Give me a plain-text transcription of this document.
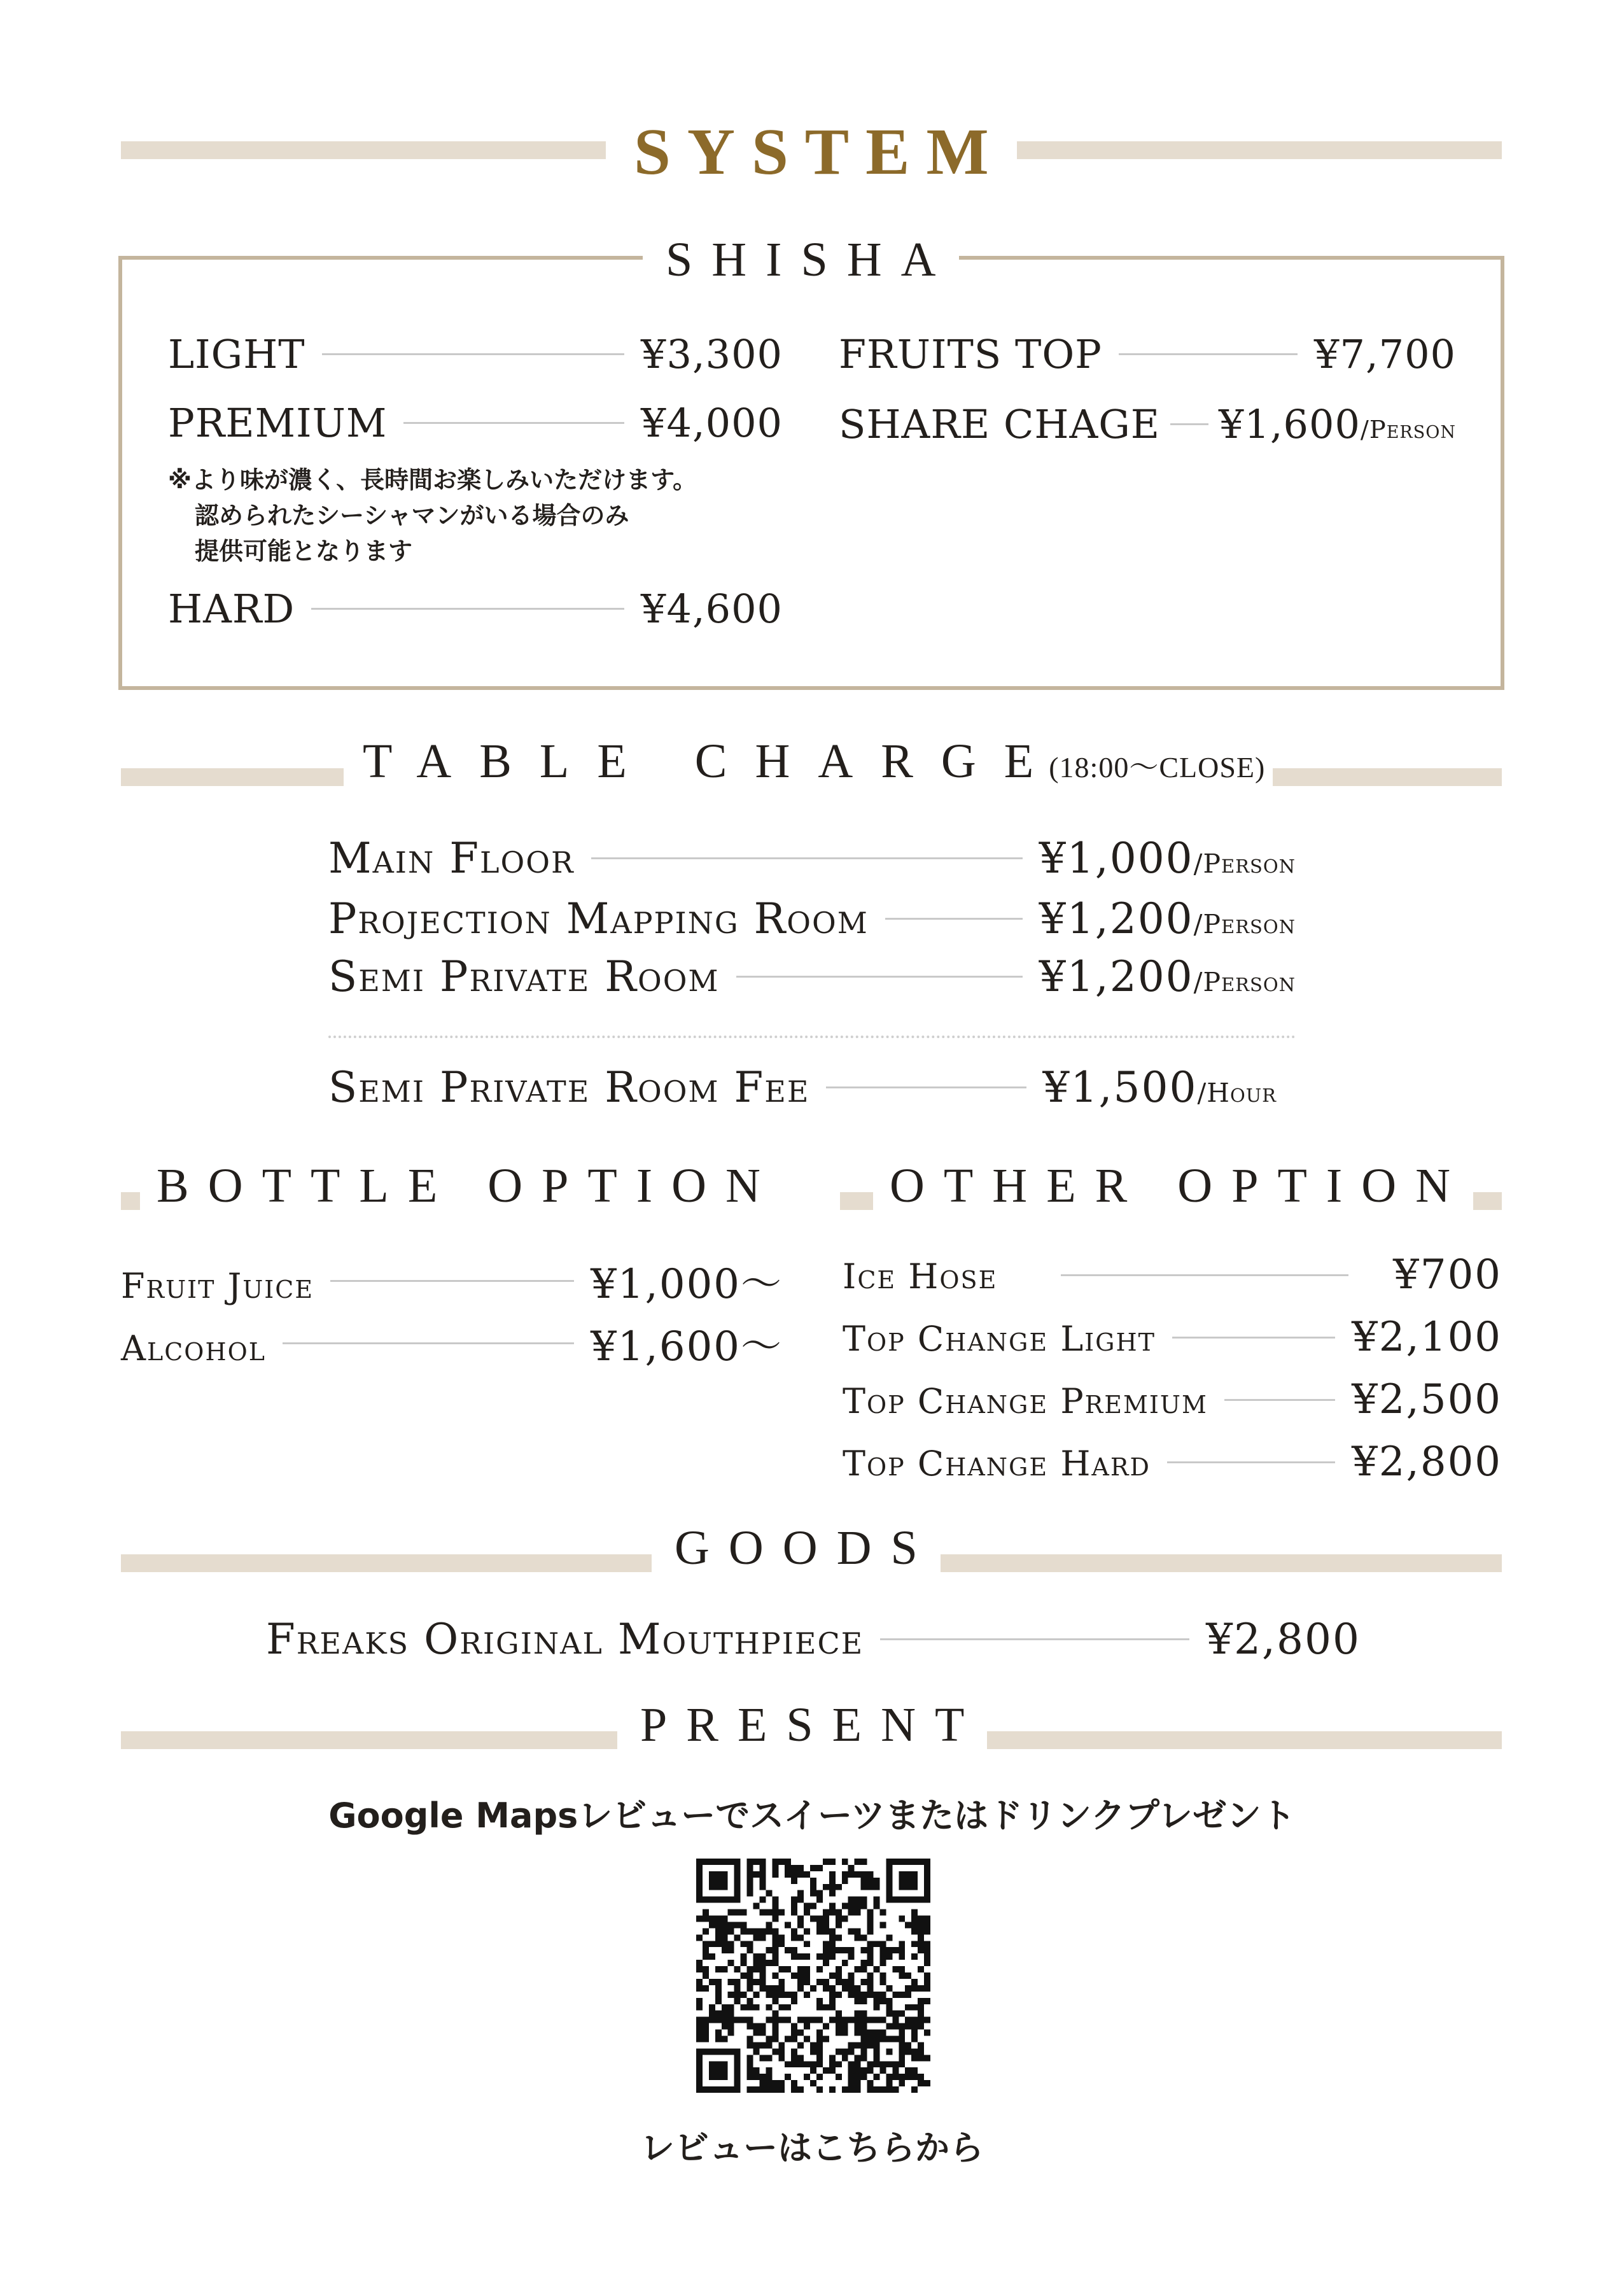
SYSTEM
SHISHA
LIGHT	¥3,300
PREMIUM	¥4,000
※より味が濃く、長時間お楽しみいただけます。
認められたシーシャマンがいる場合のみ
提供可能となります
HARD	¥4,600
FRUITS TOP	¥7,700
SHARE CHAGE ¥1,600/Person
TABLE CHARGE
(18:00〜CLOSE)
Main Floor	¥1,000/Person
Projection Mapping Room	¥1,200/Person
Semi Private Room	¥1,200/Person
Semi Private Room Fee	¥1,500/Hour
BOTTLE OPTION	OTHER OPTION
Fruit Juice	¥1,000〜
Alcohol	¥1,600〜
Ice Hose	¥700
Top Change Light	¥2,100
Top Change Premium	¥2,500
Top Change Hard	¥2,800
GOODS
Freaks Original Mouthpiece	¥2,800
PRESENT
Google Mapsレビューでスイーツまたはドリンクプレゼント
レビューはこちらから
